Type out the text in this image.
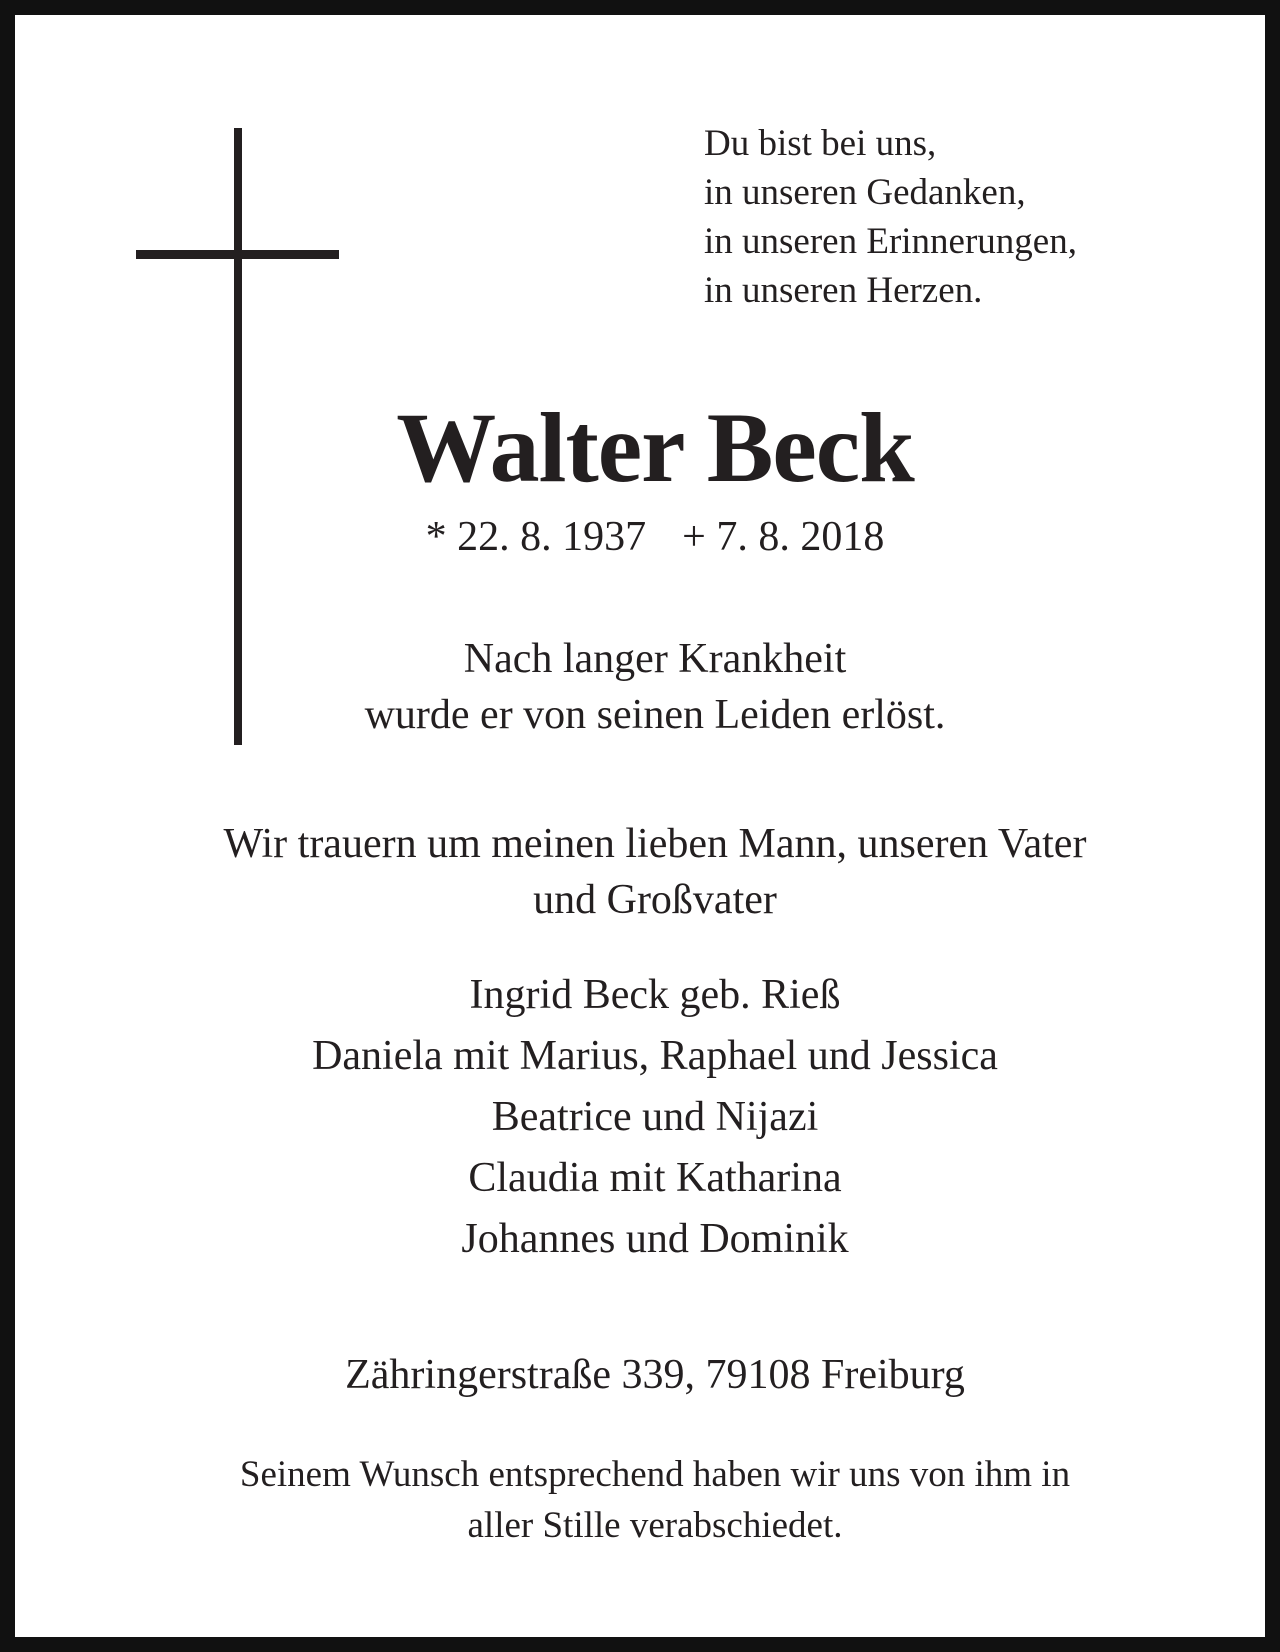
Du bist bei uns,
in unseren Gedanken,
in unseren Erinnerungen,
in unseren Herzen.
Walter Beck
* 22. 8. 1937 + 7. 8. 2018
Nach langer Krankheit
wurde er von seinen Leiden erlöst.
Wir trauern um meinen lieben Mann, unseren Vater
und Großvater
Ingrid Beck geb. Rieß
Daniela mit Marius, Raphael und Jessica
Beatrice und Nijazi
Claudia mit Katharina
Johannes und Dominik
Zähringerstraße 339, 79108 Freiburg
Seinem Wunsch entsprechend haben wir uns von ihm in
aller Stille verabschiedet.
